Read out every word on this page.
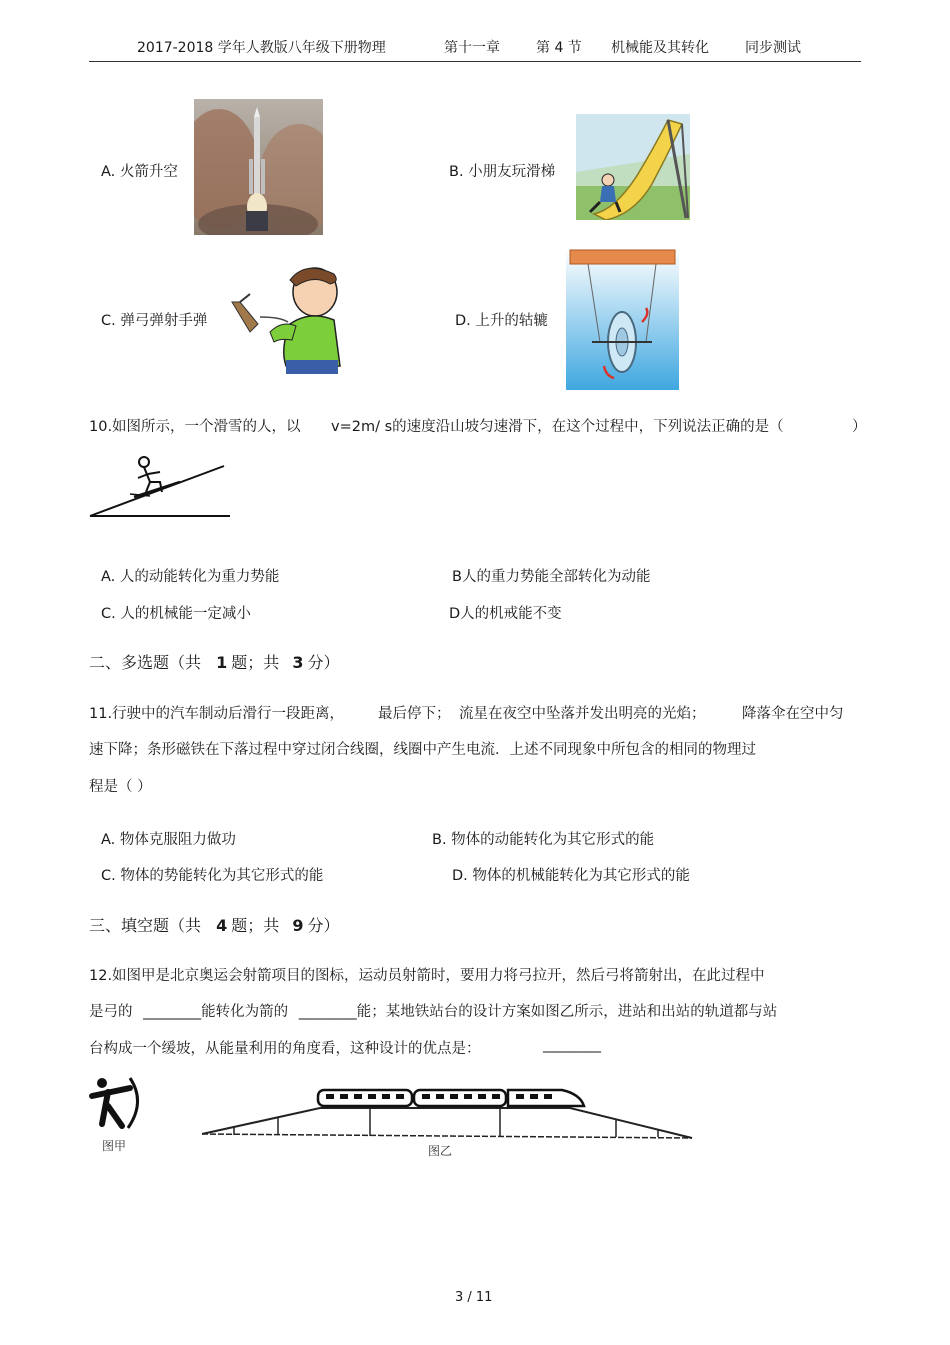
2017-2018 学年人教版八年级下册物理	第十一章	第 4 节 机械能及其转化	同步测试
A. 火箭升空	B. 小朋友玩滑梯
C. 弹弓弹射手弹	D. 上升的轱辘
10.如图所示，一个滑雪的人，以 v=2m/ s的速度沿山坡匀速滑下，在这个过程中，下列说法正确的是（	）
A. 人的动能转化为重力势能	B人的重力势能全部转化为动能
C. 人的机械能一定减小	D人的机戒能不变
二、多选题（共 1 题；共 3 分）
11.行驶中的汽车制动后滑行一段距离， 最后停下； 流星在夜空中坠落并发出明亮的光焰；	降落伞在空中匀
速下降；条形磁铁在下落过程中穿过闭合线圈，线圈中产生电流．上述不同现象中所包含的相同的物理过
程是（ ）
A. 物体克服阻力做功	B. 物体的动能转化为其它形式的能
C. 物体的势能转化为其它形式的能	D. 物体的机械能转化为其它形式的能
三、填空题（共 4 题；共 9 分）
12.如图甲是北京奥运会射箭项目的图标，运动员射箭时，要用力将弓拉开，然后弓将箭射出，在此过程中
是弓的 ________能转化为箭的 ________能；某地铁站台的设计方案如图乙所示，进站和出站的轨道都与站
台构成一个缓坡，从能量利用的角度看，这种设计的优点是：	________
图甲	图乙
3 / 11
